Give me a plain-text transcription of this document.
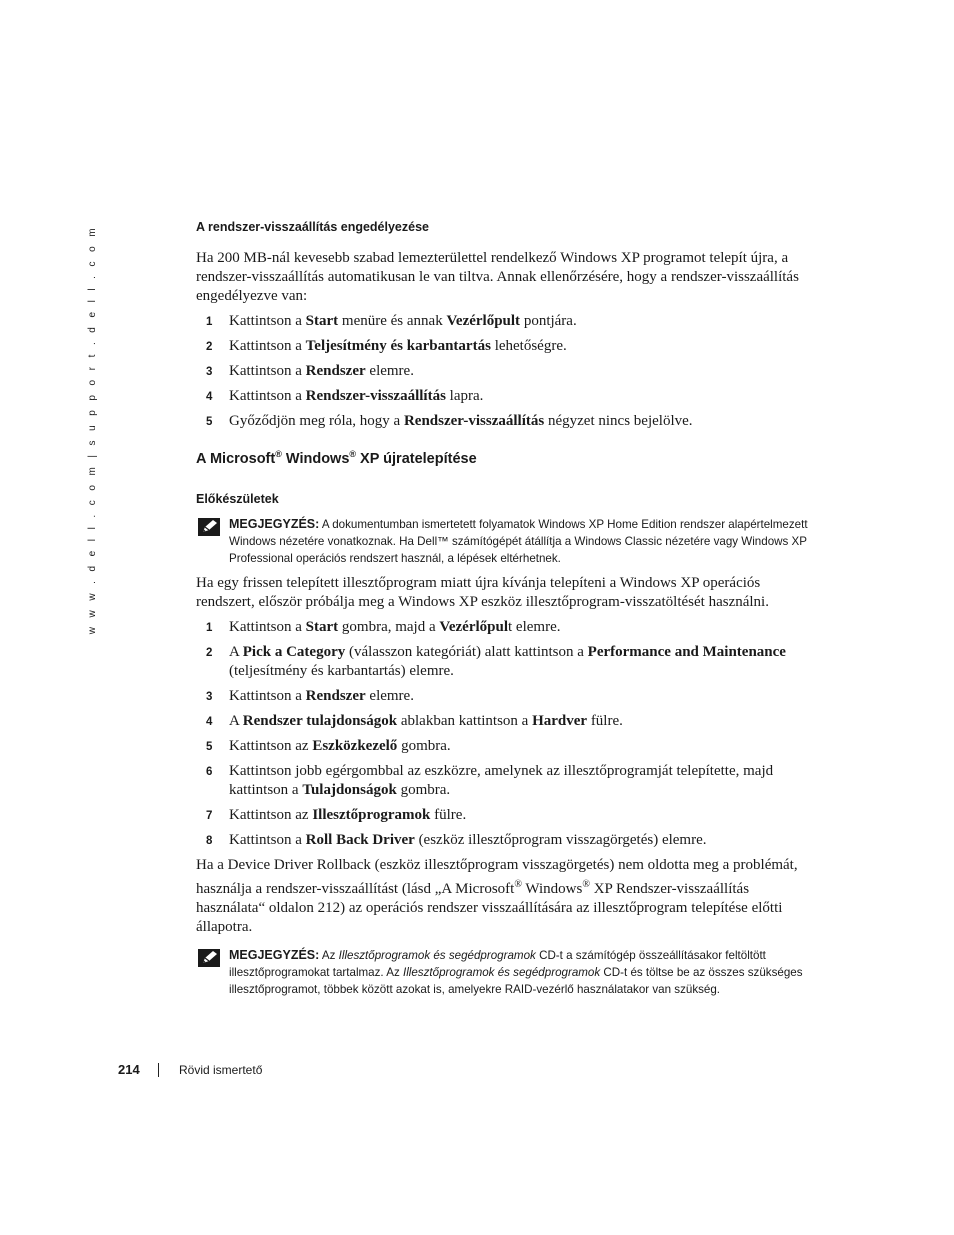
w w w . d e l l . c o m | s u p p o r t . d e l l . c o m	A rendszer-visszaállítás engedélyezése

Ha 200 MB-nál kevesebb szabad lemezterülettel rendelkező Windows XP programot telepít újra, a rendszer-visszaállítás automatikusan le van tiltva. Annak ellenőrzésére, hogy a rendszer-visszaállítás engedélyezve van:

1 Kattintson a Start menüre és annak Vezérlőpult pontjára.
2 Kattintson a Teljesítmény és karbantartás lehetőségre.
3 Kattintson a Rendszer elemre.
4 Kattintson a Rendszer-visszaállítás lapra.
5 Győződjön meg róla, hogy a Rendszer-visszaállítás négyzet nincs bejelölve.
A Microsoft® Windows® XP újratelepítése
Előkészületek
MEGJEGYZÉS: A dokumentumban ismertetett folyamatok Windows XP Home Edition rendszer alapértelmezett Windows nézetére vonatkoznak. Ha Dell™ számítógépét átállítja a Windows Classic nézetére vagy Windows XP Professional operációs rendszert használ, a lépések eltérhetnek.

Ha egy frissen telepített illesztőprogram miatt újra kívánja telepíteni a Windows XP operációs rendszert, először próbálja meg a Windows XP eszköz illesztőprogram-visszatöltését használni.

1 Kattintson a Start gombra, majd a Vezérlőpult elemre.
2 A Pick a Category (válasszon kategóriát) alatt kattintson a Performance and Maintenance (teljesítmény és karbantartás) elemre.
3 Kattintson a Rendszer elemre.
4 A Rendszer tulajdonságok ablakban kattintson a Hardver fülre.
5 Kattintson az Eszközkezelő gombra.
6 Kattintson jobb egérgombbal az eszközre, amelynek az illesztőprogramját telepítette, majd kattintson a Tulajdonságok gombra.
7 Kattintson az Illesztőprogramok fülre.
8 Kattintson a Roll Back Driver (eszköz illesztőprogram visszagörgetés) elemre.

Ha a Device Driver Rollback (eszköz illesztőprogram visszagörgetés) nem oldotta meg a problémát, használja a rendszer-visszaállítást (lásd „A Microsoft® Windows® XP Rendszer-visszaállítás használata“ oldalon 212) az operációs rendszer visszaállítására az illesztőprogram telepítése előtti állapotra.

MEGJEGYZÉS: Az Illesztőprogramok és segédprogramok CD-t a számítógép összeállításakor feltöltött illesztőprogramokat tartalmaz. Az Illesztőprogramok és segédprogramok CD-t és töltse be az összes szükséges illesztőprogramot, többek között azokat is, amelyekre RAID-vezérlő használatakor van szükség.
214	Rövid ismertető
